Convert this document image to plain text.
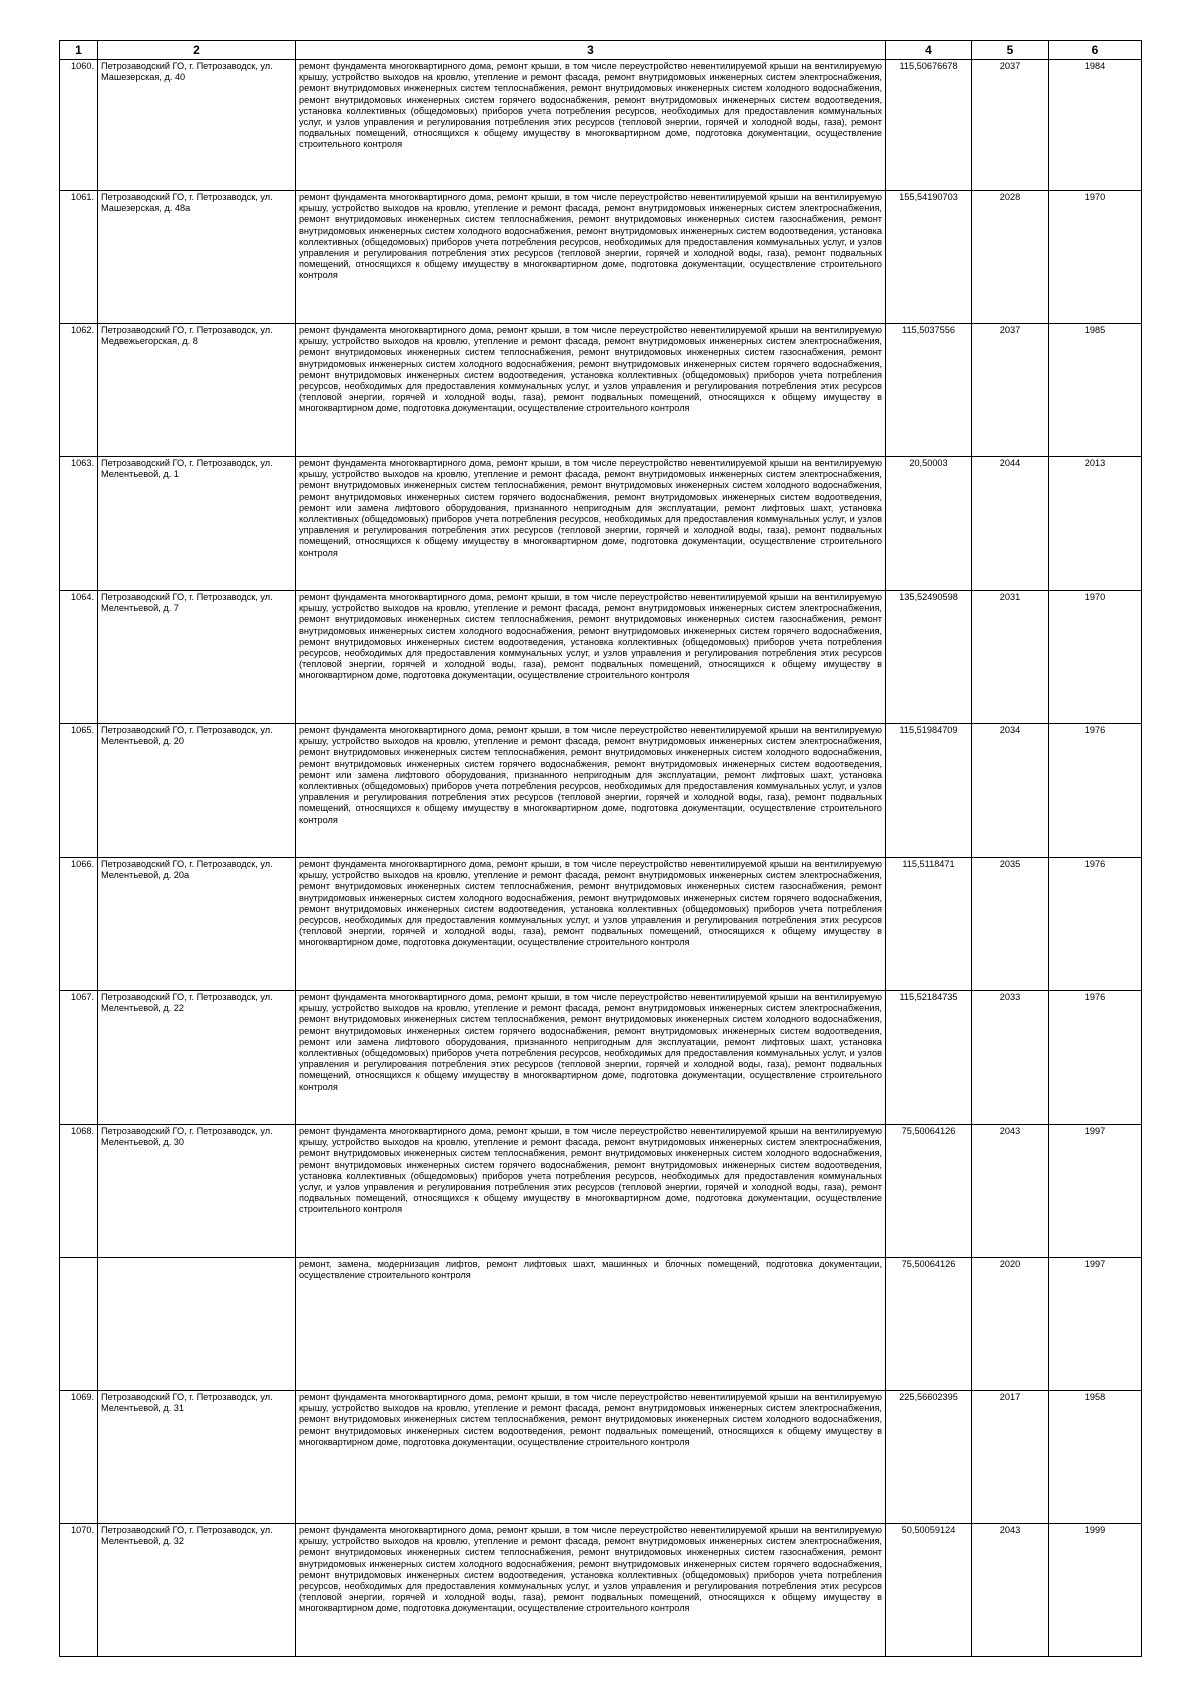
1	2	3	4	5	6
1060.	Петрозаводский ГО, г. Петрозаводск, ул. Машезерская, д. 40	ремонт фундамента многоквартирного дома, ремонт крыши, в том числе переустройство невентилируемой крыши на вентилируемую крышу, устройство выходов на кровлю, утепление и ремонт фасада, ремонт внутридомовых инженерных систем электроснабжения, ремонт внутридомовых инженерных систем теплоснабжения, ремонт внутридомовых инженерных систем холодного водоснабжения, ремонт внутридомовых инженерных систем горячего водоснабжения, ремонт внутридомовых инженерных систем водоотведения, установка коллективных (общедомовых) приборов учета потребления ресурсов, необходимых для предоставления коммунальных услуг, и узлов управления и регулирования потребления этих ресурсов (тепловой энергии, горячей и холодной воды, газа), ремонт подвальных помещений, относящихся к общему имуществу в многоквартирном доме, подготовка документации, осуществление строительного контроля	115,50676678	2037	1984
1061.	Петрозаводский ГО, г. Петрозаводск, ул. Машезерская, д. 48а	ремонт фундамента многоквартирного дома, ремонт крыши, в том числе переустройство невентилируемой крыши на вентилируемую крышу, устройство выходов на кровлю, утепление и ремонт фасада, ремонт внутридомовых инженерных систем электроснабжения, ремонт внутридомовых инженерных систем теплоснабжения, ремонт внутридомовых инженерных систем газоснабжения, ремонт внутридомовых инженерных систем холодного водоснабжения, ремонт внутридомовых инженерных систем водоотведения, установка коллективных (общедомовых) приборов учета потребления ресурсов, необходимых для предоставления коммунальных услуг, и узлов управления и регулирования потребления этих ресурсов (тепловой энергии, горячей и холодной воды, газа), ремонт подвальных помещений, относящихся к общему имуществу в многоквартирном доме, подготовка документации, осуществление строительного контроля	155,54190703	2028	1970
1062.	Петрозаводский ГО, г. Петрозаводск, ул. Медвежьегорская, д. 8	ремонт фундамента многоквартирного дома, ремонт крыши, в том числе переустройство невентилируемой крыши на вентилируемую крышу, устройство выходов на кровлю, утепление и ремонт фасада, ремонт внутридомовых инженерных систем электроснабжения, ремонт внутридомовых инженерных систем теплоснабжения, ремонт внутридомовых инженерных систем газоснабжения, ремонт внутридомовых инженерных систем холодного водоснабжения, ремонт внутридомовых инженерных систем горячего водоснабжения, ремонт внутридомовых инженерных систем водоотведения, установка коллективных (общедомовых) приборов учета потребления ресурсов, необходимых для предоставления коммунальных услуг, и узлов управления и регулирования потребления этих ресурсов (тепловой энергии, горячей и холодной воды, газа), ремонт подвальных помещений, относящихся к общему имуществу в многоквартирном доме, подготовка документации, осуществление строительного контроля	115,5037556	2037	1985
1063.	Петрозаводский ГО, г. Петрозаводск, ул. Мелентьевой, д. 1	ремонт фундамента многоквартирного дома, ремонт крыши, в том числе переустройство невентилируемой крыши на вентилируемую крышу, устройство выходов на кровлю, утепление и ремонт фасада, ремонт внутридомовых инженерных систем электроснабжения, ремонт внутридомовых инженерных систем теплоснабжения, ремонт внутридомовых инженерных систем холодного водоснабжения, ремонт внутридомовых инженерных систем горячего водоснабжения, ремонт внутридомовых инженерных систем водоотведения, ремонт или замена лифтового оборудования, признанного непригодным для эксплуатации, ремонт лифтовых шахт, установка коллективных (общедомовых) приборов учета потребления ресурсов, необходимых для предоставления коммунальных услуг, и узлов управления и регулирования потребления этих ресурсов (тепловой энергии, горячей и холодной воды, газа), ремонт подвальных помещений, относящихся к общему имуществу в многоквартирном доме, подготовка документации, осуществление строительного контроля	20,50003	2044	2013
1064.	Петрозаводский ГО, г. Петрозаводск, ул. Мелентьевой, д. 7	ремонт фундамента многоквартирного дома, ремонт крыши, в том числе переустройство невентилируемой крыши на вентилируемую крышу, устройство выходов на кровлю, утепление и ремонт фасада, ремонт внутридомовых инженерных систем электроснабжения, ремонт внутридомовых инженерных систем теплоснабжения, ремонт внутридомовых инженерных систем газоснабжения, ремонт внутридомовых инженерных систем холодного водоснабжения, ремонт внутридомовых инженерных систем горячего водоснабжения, ремонт внутридомовых инженерных систем водоотведения, установка коллективных (общедомовых) приборов учета потребления ресурсов, необходимых для предоставления коммунальных услуг, и узлов управления и регулирования потребления этих ресурсов (тепловой энергии, горячей и холодной воды, газа), ремонт подвальных помещений, относящихся к общему имуществу в многоквартирном доме, подготовка документации, осуществление строительного контроля	135,52490598	2031	1970
1065.	Петрозаводский ГО, г. Петрозаводск, ул. Мелентьевой, д. 20	ремонт фундамента многоквартирного дома, ремонт крыши, в том числе переустройство невентилируемой крыши на вентилируемую крышу, устройство выходов на кровлю, утепление и ремонт фасада, ремонт внутридомовых инженерных систем электроснабжения, ремонт внутридомовых инженерных систем теплоснабжения, ремонт внутридомовых инженерных систем холодного водоснабжения, ремонт внутридомовых инженерных систем горячего водоснабжения, ремонт внутридомовых инженерных систем водоотведения, ремонт или замена лифтового оборудования, признанного непригодным для эксплуатации, ремонт лифтовых шахт, установка коллективных (общедомовых) приборов учета потребления ресурсов, необходимых для предоставления коммунальных услуг, и узлов управления и регулирования потребления этих ресурсов (тепловой энергии, горячей и холодной воды, газа), ремонт подвальных помещений, относящихся к общему имуществу в многоквартирном доме, подготовка документации, осуществление строительного контроля	115,51984709	2034	1976
1066.	Петрозаводский ГО, г. Петрозаводск, ул. Мелентьевой, д. 20а	ремонт фундамента многоквартирного дома, ремонт крыши, в том числе переустройство невентилируемой крыши на вентилируемую крышу, устройство выходов на кровлю, утепление и ремонт фасада, ремонт внутридомовых инженерных систем электроснабжения, ремонт внутридомовых инженерных систем теплоснабжения, ремонт внутридомовых инженерных систем газоснабжения, ремонт внутридомовых инженерных систем холодного водоснабжения, ремонт внутридомовых инженерных систем горячего водоснабжения, ремонт внутридомовых инженерных систем водоотведения, установка коллективных (общедомовых) приборов учета потребления ресурсов, необходимых для предоставления коммунальных услуг, и узлов управления и регулирования потребления этих ресурсов (тепловой энергии, горячей и холодной воды, газа), ремонт подвальных помещений, относящихся к общему имуществу в многоквартирном доме, подготовка документации, осуществление строительного контроля	115,5118471	2035	1976
1067.	Петрозаводский ГО, г. Петрозаводск, ул. Мелентьевой, д. 22	ремонт фундамента многоквартирного дома, ремонт крыши, в том числе переустройство невентилируемой крыши на вентилируемую крышу, устройство выходов на кровлю, утепление и ремонт фасада, ремонт внутридомовых инженерных систем электроснабжения, ремонт внутридомовых инженерных систем теплоснабжения, ремонт внутридомовых инженерных систем холодного водоснабжения, ремонт внутридомовых инженерных систем горячего водоснабжения, ремонт внутридомовых инженерных систем водоотведения, ремонт или замена лифтового оборудования, признанного непригодным для эксплуатации, ремонт лифтовых шахт, установка коллективных (общедомовых) приборов учета потребления ресурсов, необходимых для предоставления коммунальных услуг, и узлов управления и регулирования потребления этих ресурсов (тепловой энергии, горячей и холодной воды, газа), ремонт подвальных помещений, относящихся к общему имуществу в многоквартирном доме, подготовка документации, осуществление строительного контроля	115,52184735	2033	1976
1068.	Петрозаводский ГО, г. Петрозаводск, ул. Мелентьевой, д. 30	ремонт фундамента многоквартирного дома, ремонт крыши, в том числе переустройство невентилируемой крыши на вентилируемую крышу, устройство выходов на кровлю, утепление и ремонт фасада, ремонт внутридомовых инженерных систем электроснабжения, ремонт внутридомовых инженерных систем теплоснабжения, ремонт внутридомовых инженерных систем холодного водоснабжения, ремонт внутридомовых инженерных систем горячего водоснабжения, ремонт внутридомовых инженерных систем водоотведения, установка коллективных (общедомовых) приборов учета потребления ресурсов, необходимых для предоставления коммунальных услуг, и узлов управления и регулирования потребления этих ресурсов (тепловой энергии, горячей и холодной воды, газа), ремонт подвальных помещений, относящихся к общему имуществу в многоквартирном доме, подготовка документации, осуществление строительного контроля	75,50064126	2043	1997
		ремонт, замена, модернизация лифтов, ремонт лифтовых шахт, машинных и блочных помещений, подготовка документации, осуществление строительного контроля	75,50064126	2020	1997
1069.	Петрозаводский ГО, г. Петрозаводск, ул. Мелентьевой, д. 31	ремонт фундамента многоквартирного дома, ремонт крыши, в том числе переустройство невентилируемой крыши на вентилируемую крышу, устройство выходов на кровлю, утепление и ремонт фасада, ремонт внутридомовых инженерных систем электроснабжения, ремонт внутридомовых инженерных систем теплоснабжения, ремонт внутридомовых инженерных систем холодного водоснабжения, ремонт внутридомовых инженерных систем водоотведения, ремонт подвальных помещений, относящихся к общему имуществу в многоквартирном доме, подготовка документации, осуществление строительного контроля	225,56602395	2017	1958
1070.	Петрозаводский ГО, г. Петрозаводск, ул. Мелентьевой, д. 32	ремонт фундамента многоквартирного дома, ремонт крыши, в том числе переустройство невентилируемой крыши на вентилируемую крышу, устройство выходов на кровлю, утепление и ремонт фасада, ремонт внутридомовых инженерных систем электроснабжения, ремонт внутридомовых инженерных систем теплоснабжения, ремонт внутридомовых инженерных систем газоснабжения, ремонт внутридомовых инженерных систем холодного водоснабжения, ремонт внутридомовых инженерных систем горячего водоснабжения, ремонт внутридомовых инженерных систем водоотведения, установка коллективных (общедомовых) приборов учета потребления ресурсов, необходимых для предоставления коммунальных услуг, и узлов управления и регулирования потребления этих ресурсов (тепловой энергии, горячей и холодной воды, газа), ремонт подвальных помещений, относящихся к общему имуществу в многоквартирном доме, подготовка документации, осуществление строительного контроля	50,50059124	2043	1999
